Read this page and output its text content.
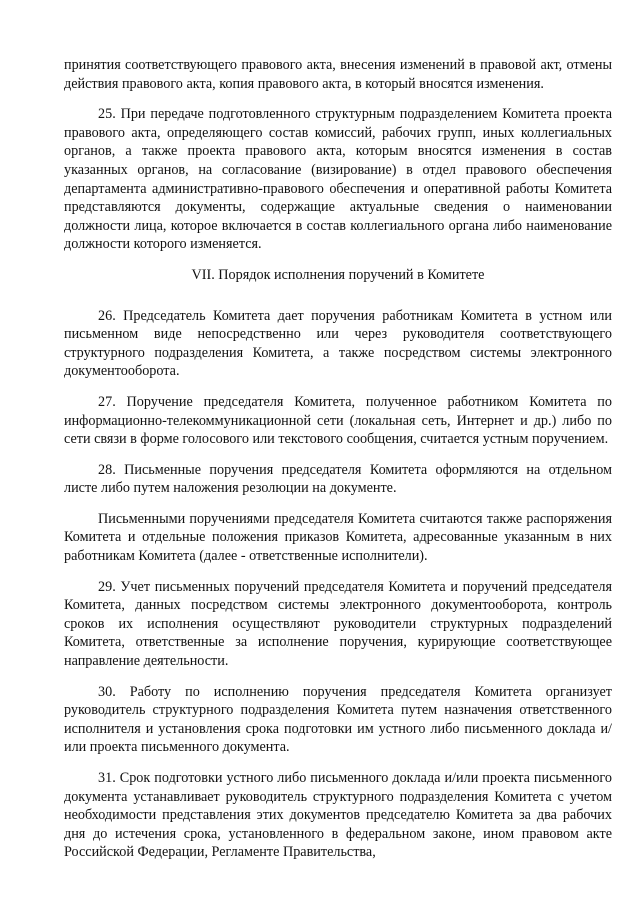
принятия соответствующего правового акта, внесения изменений в правовой акт, отмены действия правового акта, копия правового акта, в который вносятся изменения.

25. При передаче подготовленного структурным подразделением Комитета проекта правового акта, определяющего состав комиссий, рабочих групп, иных коллегиальных органов, а также проекта правового акта, которым вносятся изменения в состав указанных органов, на согласование (визирование) в отдел правового обеспечения департамента административно-правового обеспечения и оперативной работы Комитета представляются документы, содержащие актуальные сведения о наименовании должности лица, которое включается в состав коллегиального органа либо наименование должности которого изменяется.

VII. Порядок исполнения поручений в Комитете

26. Председатель Комитета дает поручения работникам Комитета в устном или письменном виде непосредственно или через руководителя соответствующего структурного подразделения Комитета, а также посредством системы электронного документооборота.

27. Поручение председателя Комитета, полученное работником Комитета по информационно-телекоммуникационной сети (локальная сеть, Интернет и др.) либо по сети связи в форме голосового или текстового сообщения, считается устным поручением.

28. Письменные поручения председателя Комитета оформляются на отдельном листе либо путем наложения резолюции на документе.

Письменными поручениями председателя Комитета считаются также распоряжения Комитета и отдельные положения приказов Комитета, адресованные указанным в них работникам Комитета (далее - ответственные исполнители).

29. Учет письменных поручений председателя Комитета и поручений председателя Комитета, данных посредством системы электронного документооборота, контроль сроков их исполнения осуществляют руководители структурных подразделений Комитета, ответственные за исполнение поручения, курирующие соответствующее направление деятельности.

30. Работу по исполнению поручения председателя Комитета организует руководитель структурного подразделения Комитета путем назначения ответственного исполнителя и установления срока подготовки им устного либо письменного доклада и/или проекта письменного документа.

31. Срок подготовки устного либо письменного доклада и/или проекта письменного документа устанавливает руководитель структурного подразделения Комитета с учетом необходимости представления этих документов председателю Комитета за два рабочих дня до истечения срока, установленного в федеральном законе, ином правовом акте Российской Федерации, Регламенте Правительства,
